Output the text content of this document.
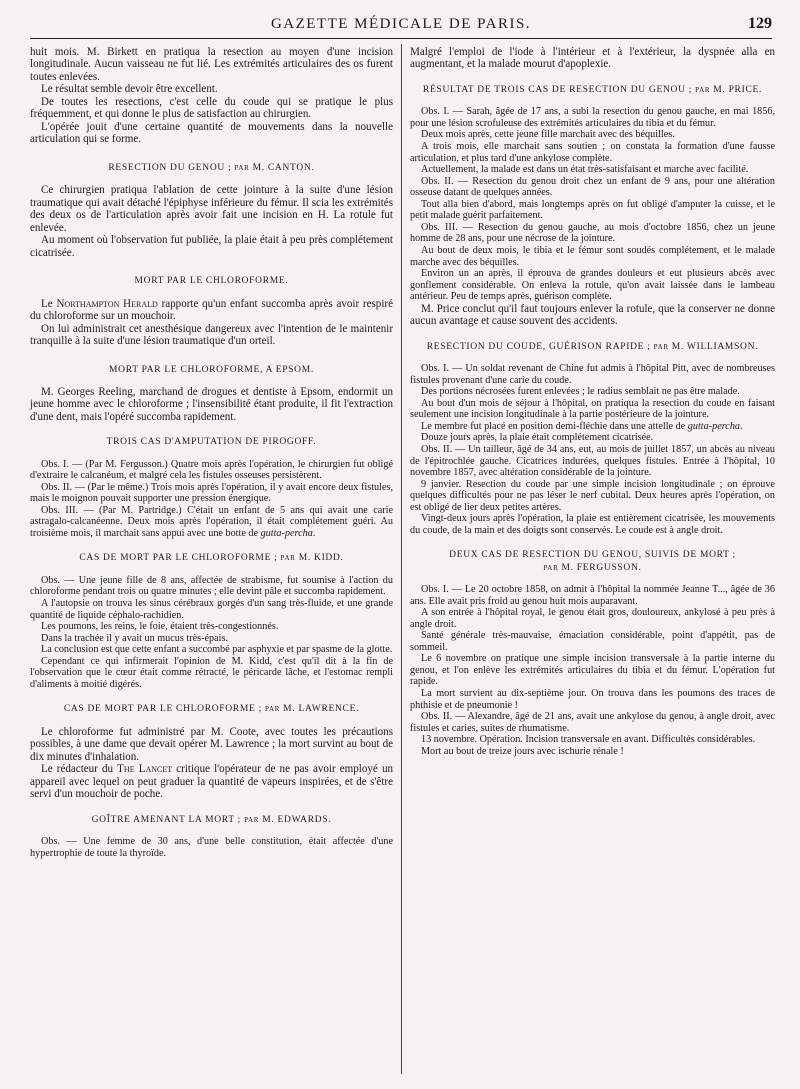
GAZETTE MÉDICALE DE PARIS.	129

huit mois. M. Birkett en pratiqua la resection au moyen d'une incision longitudinale. Aucun vaisseau ne fut lié. Les extrémités articulaires des os furent toutes enlevées.

Le résultat semble devoir être excellent.

De toutes les resections, c'est celle du coude qui se pratique le plus fréquemment, et qui donne le plus de satisfaction au chirurgien.

L'opérée jouit d'une certaine quantité de mouvements dans la nouvelle articulation qui se forme.

RESECTION DU GENOU ; par M. CANTON.

Ce chirurgien pratiqua l'ablation de cette jointure à la suite d'une lésion traumatique qui avait détaché l'épiphyse inférieure du fémur. Il scia les extrémités des deux os de l'articulation après avoir fait une incision en H. La rotule fut enlevée.

Au moment où l'observation fut publiée, la plaie était à peu près complétement cicatrisée.

MORT PAR LE CHLOROFORME.

Le Northampton Herald rapporte qu'un enfant succomba après avoir respiré du chloroforme sur un mouchoir.

On lui administrait cet anesthésique dangereux avec l'intention de le maintenir tranquille à la suite d'une lésion traumatique d'un orteil.

MORT PAR LE CHLOROFORME, A EPSOM.

M. Georges Reeling, marchand de drogues et dentiste à Epsom, endormit un jeune homme avec le chloroforme ; l'insensibilité étant produite, il fit l'extraction d'une dent, mais l'opéré succomba rapidement.

TROIS CAS D'AMPUTATION DE PIROGOFF.

Obs. I. — (Par M. Fergusson.) Quatre mois après l'opération, le chirurgien fut obligé d'extraire le calcanéum, et malgré cela les fistules osseuses persistèrent.

Obs. II. — (Par le même.) Trois mois après l'opération, il y avait encore deux fistules, mais le moignon pouvait supporter une pression énergique.

Obs. III. — (Par M. Partridge.) C'était un enfant de 5 ans qui avait une carie astragalo-calcanéenne. Deux mois après l'opération, il était complétement guéri. Au troisième mois, il marchait sans appui avec une botte de gutta-percha.

CAS DE MORT PAR LE CHLOROFORME ; par M. KIDD.

Obs. — Une jeune fille de 8 ans, affectée de strabisme, fut soumise à l'action du chloroforme pendant trois ou quatre minutes ; elle devint pâle et succomba rapidement.

A l'autopsie on trouva les sinus cérébraux gorgés d'un sang très-fluide, et une grande quantité de liquide céphalo-rachidien.

Les poumons, les reins, le foie, étaient très-congestionnés.

Dans la trachée il y avait un mucus très-épais.

La conclusion est que cette enfant a succombé par asphyxie et par spasme de la glotte.

Cependant ce qui infirmerait l'opinion de M. Kidd, c'est qu'il dit à la fin de l'observation que le cœur était comme rétracté, le péricarde lâche, et l'estomac rempli d'aliments à moitié digérés.

CAS DE MORT PAR LE CHLOROFORME ; par M. LAWRENCE.

Le chloroforme fut administré par M. Coote, avec toutes les précautions possibles, à une dame que devait opérer M. Lawrence ; la mort survint au bout de dix minutes d'inhalation.

Le rédacteur du The Lancet critique l'opérateur de ne pas avoir employé un appareil avec lequel on peut graduer la quantité de vapeurs inspirées, et de s'être servi d'un mouchoir de poche.

GOÎTRE AMENANT LA MORT ; par M. EDWARDS.

Obs. — Une femme de 30 ans, d'une belle constitution, était affectée d'une hypertrophie de toute la thyroïde.

Malgré l'emploi de l'iode à l'intérieur et à l'extérieur, la dyspnée alla en augmentant, et la malade mourut d'apoplexie.

RÉSULTAT DE TROIS CAS DE RESECTION DU GENOU ; par M. PRICE.

Obs. I. — Sarah, âgée de 17 ans, a subi la resection du genou gauche, en mai 1856, pour une lésion scrofuleuse des extrémités articulaires du tibia et du fémur.

Deux mois après, cette jeune fille marchait avec des béquilles.

A trois mois, elle marchait sans soutien ; on constata la formation d'une fausse articulation, et plus tard d'une ankylose complète.

Actuellement, la malade est dans un état très-satisfaisant et marche avec facilité.

Obs. II. — Resection du genou droit chez un enfant de 9 ans, pour une altération osseuse datant de quelques années.

Tout alla bien d'abord, mais longtemps après on fut obligé d'amputer la cuisse, et le petit malade guérit parfaitement.

Obs. III. — Resection du genou gauche, au mois d'octobre 1856, chez un jeune homme de 28 ans, pour une nécrose de la jointure.

Au bout de deux mois, le tibia et le fémur sont soudés complétement, et le malade marche avec des béquilles.

Environ un an après, il éprouva de grandes douleurs et eut plusieurs abcès avec gonflement considérable. On enleva la rotule, qu'on avait laissée dans le lambeau antérieur. Peu de temps après, guérison complète.

M. Price conclut qu'il faut toujours enlever la rotule, que la conserver ne donne aucun avantage et cause souvent des accidents.

RESECTION DU COUDE, GUÉRISON RAPIDE ; par M. WILLIAMSON.

Obs. I. — Un soldat revenant de Chine fut admis à l'hôpital Pitt, avec de nombreuses fistules provenant d'une carie du coude.

Des portions nécrosées furent enlevées ; le radius semblait ne pas être malade.

Au bout d'un mois de séjour à l'hôpital, on pratiqua la resection du coude en faisant seulement une incision longitudinale à la partie postérieure de la jointure.

Le membre fut placé en position demi-fléchie dans une attelle de gutta-percha.

Douze jours après, la plaie était complétement cicatrisée.

Obs. II. — Un tailleur, âgé de 34 ans, eut, au mois de juillet 1857, un abcès au niveau de l'épitrochlée gauche. Cicatrices indurées, quelques fistules. Entrée à l'hôpital, 10 novembre 1857, avec altération considérable de la jointure.

9 janvier. Resection du coude par une simple incision longitudinale ; on éprouve quelques difficultés pour ne pas léser le nerf cubital. Deux heures après l'opération, on est obligé de lier deux petites artères.

Vingt-deux jours après l'opération, la plaie est entièrement cicatrisée, les mouvements du coude, de la main et des doigts sont conservés. Le coude est à angle droit.

DEUX CAS DE RESECTION DU GENOU, SUIVIS DE MORT ;
par M. FERGUSSON.

Obs. I. — Le 20 octobre 1858, on admit à l'hôpital la nommée Jeanne T..., âgée de 36 ans. Elle avait pris froid au genou huit mois auparavant.

A son entrée à l'hôpital royal, le genou était gros, douloureux, ankylosé à peu près à angle droit.

Santé générale très-mauvaise, émaciation considérable, point d'appétit, pas de sommeil.

Le 6 novembre on pratique une simple incision transversale à la partie interne du genou, et l'on enlève les extrémités articulaires du tibia et du fémur. L'opération fut rapide.

La mort survient au dix-septième jour. On trouva dans les poumons des traces de phthisie et de pneumonie !

Obs. II. — Alexandre, âgé de 21 ans, avait une ankylose du genou, à angle droit, avec fistules et caries, suites de rhumatisme.

13 novembre. Opération. Incision transversale en avant. Difficultés considérables.

Mort au bout de treize jours avec ischurie rénale !
